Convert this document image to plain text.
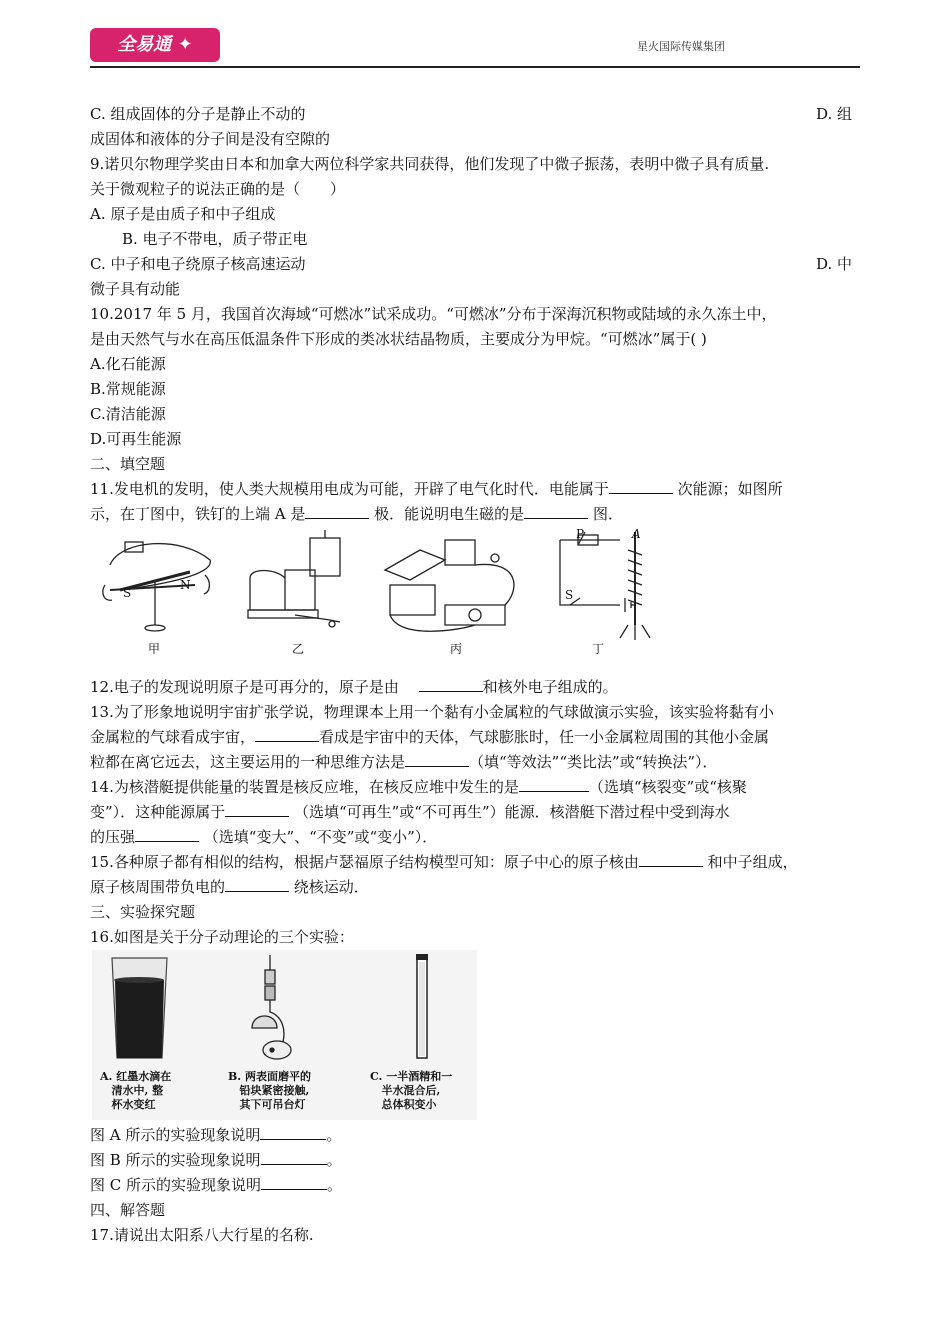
全易通 ✦	星火国际传媒集团
C. 组成固体的分子是静止不动的	D. 组
成固体和液体的分子间是没有空隙的
9.诺贝尔物理学奖由日本和加拿大两位科学家共同获得，他们发现了中微子振荡，表明中微子具有质量.
关于微观粒子的说法正确的是（　　）
A. 原子是由质子和中子组成
B. 电子不带电，质子带正电
C. 中子和电子绕原子核高速运动	D. 中
微子具有动能
10.2017 年 5 月，我国首次海域“可燃冰”试采成功。“可燃冰”分布于深海沉积物或陆域的永久冻土中，
是由天然气与水在高压低温条件下形成的类冰状结晶物质，主要成分为甲烷。“可燃冰”属于( )
A.化石能源
B.常规能源
C.清洁能源
D.可再生能源
二、填空题
11.发电机的发明，使人类大规模用电成为可能，开辟了电气化时代．电能属于	次能源；如图所
示，在丁图中，铁钉的上端 A 是	极．能说明电生磁的是	图．
S
N
P	A
S
甲	乙	丙	丁
12.电子的发现说明原子是可再分的，原子是由　	和核外电子组成的。
13.为了形象地说明宇宙扩张学说，物理课本上用一个黏有小金属粒的气球做演示实验，该实验将黏有小
金属粒的气球看成宇宙，	看成是宇宙中的天体，气球膨胀时，任一小金属粒周围的其他小金属
粒都在离它远去，这主要运用的一种思维方法是	（填“等效法”“类比法”或“转换法”）．
14.为核潜艇提供能量的装置是核反应堆，在核反应堆中发生的是	（选填“核裂变”或“核聚
变”）．这种能源属于	（选填“可再生”或“不可再生”）能源．核潜艇下潜过程中受到海水
的压强	（选填“变大”、“不变”或“变小”）．
15.各种原子都有相似的结构，根据卢瑟福原子结构模型可知：原子中心的原子核由	和中子组成，
原子核周围带负电的	绕核运动．
三、实验探究题
16.如图是关于分子动理论的三个实验：
A. 红墨水滴在
清水中, 整
杯水变红
B. 两表面磨平的
铅块紧密接触,
其下可吊台灯
C. 一半酒精和一
半水混合后,
总体积变小
图 A 所示的实验现象说明	。
图 B 所示的实验现象说明	。
图 C 所示的实验现象说明	。
四、解答题
17.请说出太阳系八大行星的名称.
